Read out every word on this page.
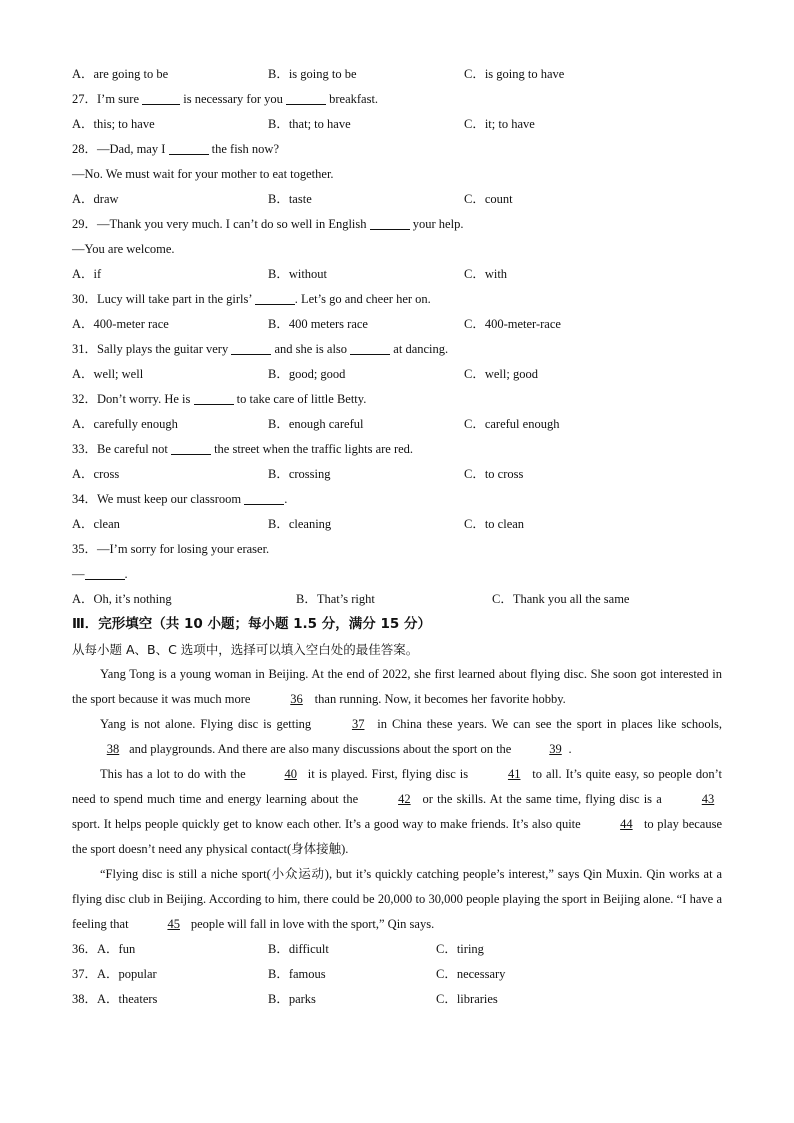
A．are going to be	B．is going to be	C．is going to have
27．I’m sure	is necessary for you	breakfast.
A．this; to have	B．that; to have	C．it; to have
28．—Dad, may I	the fish now?
—No. We must wait for your mother to eat together.
A．draw	B．taste	C．count
29．—Thank you very much. I can’t do so well in English	your help.
—You are welcome.
A．if	B．without	C．with
30．Lucy will take part in the girls’	. Let’s go and cheer her on.
A．400-meter race	B．400 meters race	C．400-meter-race
31．Sally plays the guitar very	and she is also	at dancing.
A．well; well	B．good; good	C．well; good
32．Don’t worry. He is	to take care of little Betty.
A．carefully enough	B．enough careful	C．careful enough
33．Be careful not	the street when the traffic lights are red.
A．cross	B．crossing	C．to cross
34．We must keep our classroom	.
A．clean	B．cleaning	C．to clean
35．—I’m sorry for losing your eraser.
—	.
A．Oh, it’s nothing	B．That’s right	C．Thank you all the same
Ⅲ．完形填空（共 10 小题；每小题 1.5 分，满分 15 分）
从每小题 A、B、C 选项中，选择可以填入空白处的最佳答案。

Yang Tong is a young woman in Beijing. At the end of 2022, she first learned about flying disc. She soon got interested in the sport because it was much more	36 than running. Now, it becomes her favorite hobby.

Yang is not alone. Flying disc is getting	37 in China these years. We can see the sport in places like schools, 38 and playgrounds. And there are also many discussions about the sport on the	39 .

This has a lot to do with the	40 it is played. First, flying disc is	41 to all. It’s quite easy, so people don’t need to spend much time and energy learning about the	42 or the skills. At the same time, flying disc is a	43 sport. It helps people quickly get to know each other. It’s a good way to make friends. It’s also quite	44 to play because the sport doesn’t need any physical contact(身体接触).

“Flying disc is still a niche sport(小众运动), but it’s quickly catching people’s interest,” says Qin Muxin. Qin works at a flying disc club in Beijing. According to him, there could be 20,000 to 30,000 people playing the sport in Beijing alone. “I have a feeling that	45 people will fall in love with the sport,” Qin says.

36．A．fun	B．difficult	C．tiring
37．A．popular	B．famous	C．necessary
38．A．theaters	B．parks	C．libraries
